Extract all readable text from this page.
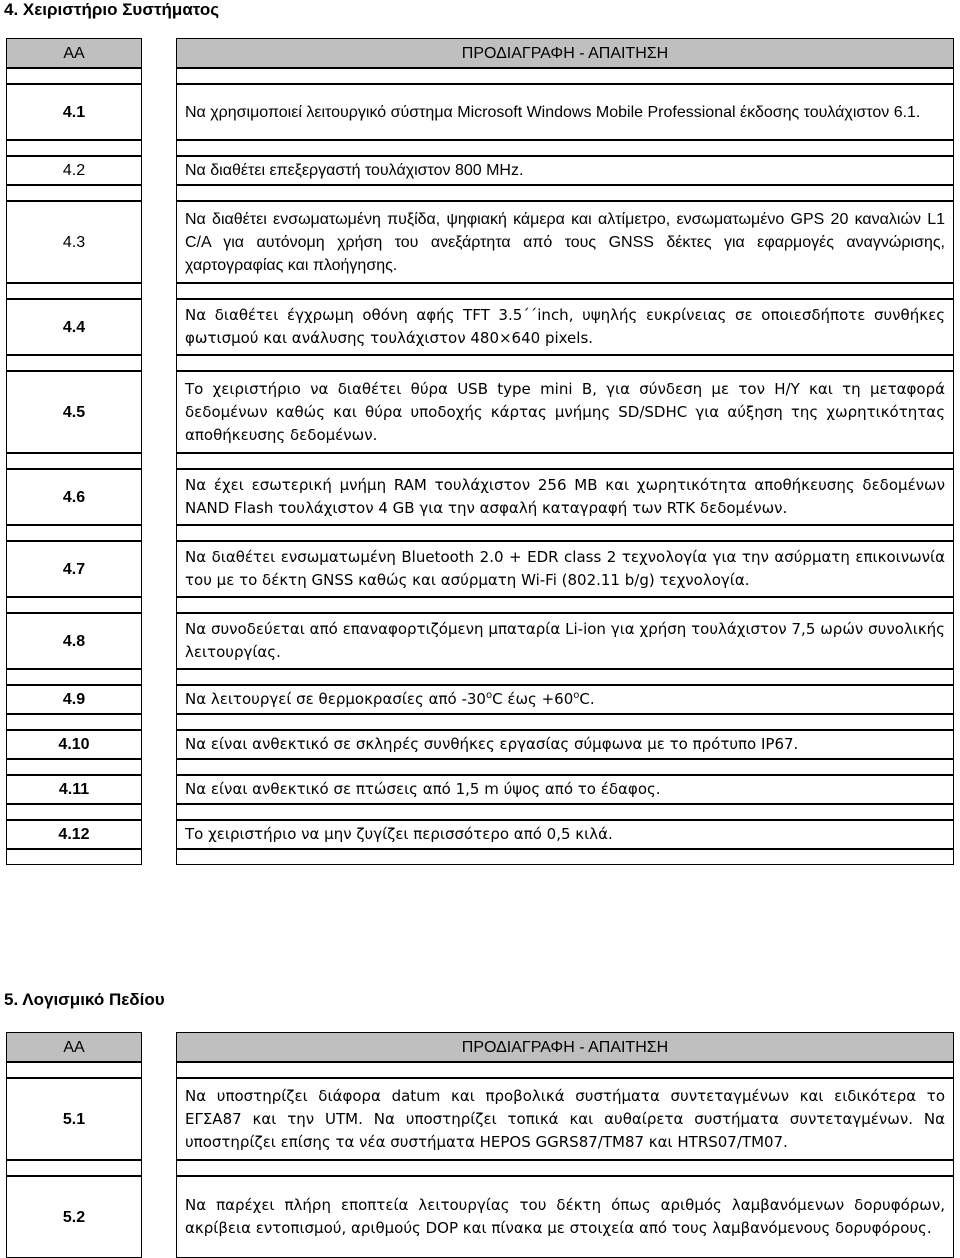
4. Χειριστήριο Συστήματος
ΑΑ		ΠΡΟΔΙΑΓΡΑΦΗ - ΑΠΑΙΤΗΣΗ

4.1		Να χρησιμοποιεί λειτουργικό σύστημα Microsoft Windows Mobile Professional έκδοσης τουλάχιστον 6.1.

4.2		Να διαθέτει επεξεργαστή τουλάχιστον 800 MHz.

4.3		Να διαθέτει ενσωματωμένη πυξίδα, ψηφιακή κάμερα και αλτίμετρο, ενσωματωμένο GPS 20 καναλιών L1 C/A για αυτόνομη χρήση του ανεξάρτητα από τους GNSS δέκτες για εφαρμογές αναγνώρισης, χαρτογραφίας και πλοήγησης.

4.4		Να διαθέτει έγχρωμη οθόνη αφής TFT 3.5΄΄inch, υψηλής ευκρίνειας σε οποιεσδήποτε συνθήκες φωτισμού και ανάλυσης τουλάχιστον 480×640 pixels.

4.5		Το χειριστήριο να διαθέτει θύρα USB type mini B, για σύνδεση με τον Η/Υ και τη μεταφορά δεδομένων καθώς και θύρα υποδοχής κάρτας μνήμης SD/SDHC για αύξηση της χωρητικότητας αποθήκευσης δεδομένων.

4.6		Να έχει εσωτερική μνήμη RAM τουλάχιστον 256 MB και χωρητικότητα αποθήκευσης δεδομένων NAND Flash τουλάχιστον 4 GB για την ασφαλή καταγραφή των RTK δεδομένων.

4.7		Να διαθέτει ενσωματωμένη Bluetooth 2.0 + EDR class 2 τεχνολογία για την ασύρματη επικοινωνία του με το δέκτη GNSS καθώς και ασύρματη Wi-Fi (802.11 b/g) τεχνολογία.

4.8		Να συνοδεύεται από επαναφορτιζόμενη μπαταρία Li-ion για χρήση τουλάχιστον 7,5 ωρών συνολικής λειτουργίας.

4.9		Να λειτουργεί σε θερμοκρασίες από -30$^o$C $έ\omega\varsigma +60^oC$.

4.10		Να είναι ανθεκτικό σε σκληρές συνθήκες εργασίας σύμφωνα με το πρότυπο IP67.

4.11		Να είναι ανθεκτικό σε πτώσεις από 1,5 m ύψος από το έδαφος.

4.12		Το χειριστήριο να μην ζυγίζει περισσότερο από 0,5 κιλά.

5. Λογισμικό Πεδίου
ΑΑ		ΠΡΟΔΙΑΓΡΑΦΗ - ΑΠΑΙΤΗΣΗ

5.1		Να υποστηρίζει διάφορα datum και προβολικά συστήματα συντεταγμένων και ειδικότερα το ΕΓΣΑ87 και την UTM. Να υποστηρίζει τοπικά και αυθαίρετα συστήματα συντεταγμένων. Να υποστηρίζει επίσης τα νέα συστήματα HEPOS GGRS87/TM87 και HTRS07/TM07.

5.2		Να παρέχει πλήρη εποπτεία λειτουργίας του δέκτη όπως αριθμός λαμβανόμενων δορυφόρων, ακρίβεια εντοπισμού, αριθμούς DOP και πίνακα με στοιχεία από τους λαμβανόμενους δορυφόρους.
